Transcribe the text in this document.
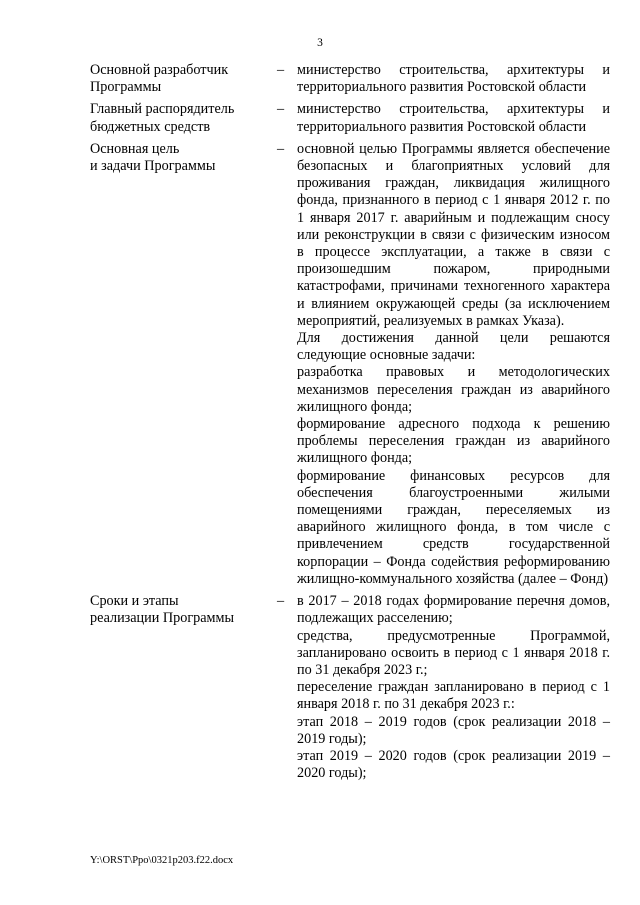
3
Основной разработчик
Программы
– министерство строительства, архитектуры и территориального развития Ростовской области

Главный распорядитель
бюджетных средств
– министерство строительства, архитектуры и территориального развития Ростовской области

Основная цель
и задачи Программы
– основной целью Программы является обеспечение безопасных и благоприятных условий для проживания граждан, ликвидация жилищного фонда, признанного в период с 1 января 2012 г. по 1 января 2017 г. аварийным и подлежащим сносу или реконструкции в связи с физическим износом в процессе эксплуатации, а также в связи с произошедшим пожаром, природными катастрофами, причинами техногенного характера и влиянием окружающей среды (за исключением мероприятий, реализуемых в рамках Указа).

Для достижения данной цели решаются следующие основные задачи:

разработка правовых и методологических механизмов переселения граждан из аварийного жилищного фонда;

формирование адресного подхода к решению проблемы переселения граждан из аварийного жилищного фонда;

формирование финансовых ресурсов для обеспечения благоустроенными жилыми помещениями граждан, переселяемых из аварийного жилищного фонда, в том числе с привлечением средств государственной корпорации – Фонда содействия реформированию жилищно-коммунального хозяйства (далее – Фонд)

Сроки и этапы
реализации Программы
– в 2017 – 2018 годах формирование перечня домов, подлежащих расселению;

средства, предусмотренные Программой, запланировано освоить в период с 1 января 2018 г. по 31 декабря 2023 г.;

переселение граждан запланировано в период с 1 января 2018 г. по 31 декабря 2023 г.:

этап 2018 – 2019 годов (срок реализации 2018 – 2019 годы);

этап 2019 – 2020 годов (срок реализации 2019 – 2020 годы);

Y:\ORST\Ppo\0321p203.f22.docx
